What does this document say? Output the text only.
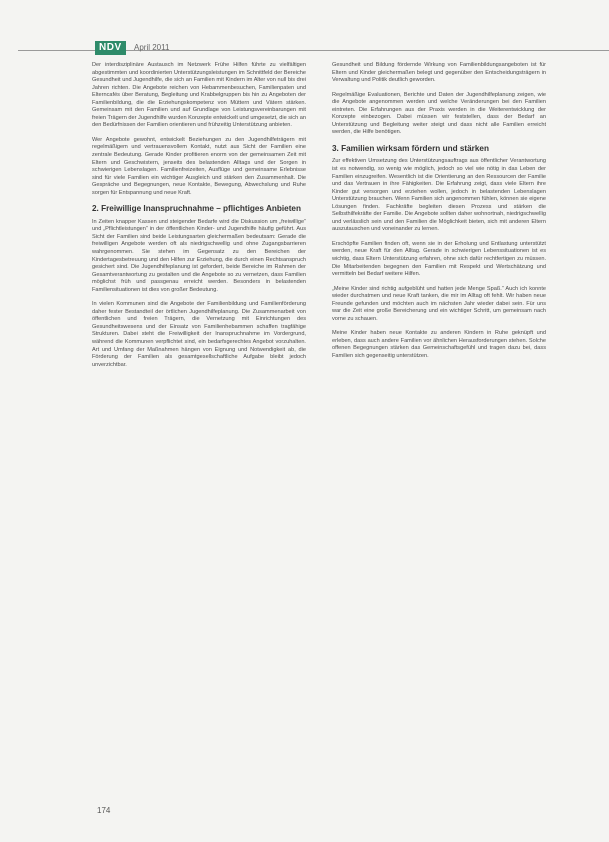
NDV	April 2011

Der interdisziplinäre Austausch im Netzwerk Frühe Hilfen führte zu vielfältigen abgestimmten und koordinierten Unterstützungsleistungen im Schnittfeld der Bereiche Gesundheit und Jugendhilfe, die sich an Familien mit Kindern im Alter von null bis drei Jahren richten. Die Angebote reichen von Hebammenbesuchen, Familienpaten und Elterncafés über Beratung, Begleitung und Krabbelgruppen bis hin zu Angeboten der Familienbildung, die die Erziehungskompetenz von Müttern und Vätern stärken. Gemeinsam mit den Familien und auf Grundlage von Leistungsvereinbarungen mit freien Trägern der Jugendhilfe wurden Konzepte entwickelt und umgesetzt, die sich an den Bedürfnissen der Familien orientieren und frühzeitig Unterstützung anbieten.

Wer Angebote gewohnt, entwickelt Beziehungen zu den Jugendhilfeträgern mit regelmäßigem und vertrauensvollem Kontakt, nutzt aus Sicht der Familien eine zentrale Bedeutung. Gerade Kinder profitieren enorm von der gemeinsamen Zeit mit Eltern und Geschwistern, jenseits des belastenden Alltags und der Sorgen in schwierigen Lebenslagen. Familienfreizeiten, Ausflüge und gemeinsame Erlebnisse sind für viele Familien ein wichtiger Ausgleich und stärken den Zusammenhalt. Die Gespräche und Begegnungen, neue Kontakte, Bewegung, Abwechslung und Ruhe sorgen für Entspannung und neue Kraft.

2. Freiwillige Inanspruchnahme – pflichtiges Anbieten

In Zeiten knapper Kassen und steigender Bedarfe wird die Diskussion um „freiwillige“ und „Pflichtleistungen“ in der öffentlichen Kinder- und Jugendhilfe häufig geführt. Aus Sicht der Familien sind beide Leistungsarten gleichermaßen bedeutsam: Gerade die freiwilligen Angebote werden oft als niedrigschwellig und ohne Zugangsbarrieren wahrgenommen. Sie stehen im Gegensatz zu den Bereichen der Kindertagesbetreuung und den Hilfen zur Erziehung, die durch einen Rechtsanspruch gesichert sind. Die Jugendhilfeplanung ist gefordert, beide Bereiche im Rahmen der Gesamtverantwortung zu gestalten und die Angebote so zu vernetzen, dass Familien möglichst früh und passgenau erreicht werden. Besonders in belastenden Familiensituationen ist dies von großer Bedeutung.

In vielen Kommunen sind die Angebote der Familienbildung und Familienförderung daher fester Bestandteil der örtlichen Jugendhilfeplanung. Die Zusammenarbeit von öffentlichen und freien Trägern, die Vernetzung mit Einrichtungen des Gesundheitswesens und der Einsatz von Familienhebammen schaffen tragfähige Strukturen. Dabei steht die Freiwilligkeit der Inanspruchnahme im Vordergrund, während die Kommunen verpflichtet sind, ein bedarfsgerechtes Angebot vorzuhalten. Art und Umfang der Maßnahmen hängen von Eignung und Notwendigkeit ab, die Förderung der Familien als gesamtgesellschaftliche Aufgabe bleibt jedoch unverzichtbar.

Gesundheit und Bildung fördernde Wirkung von Familienbildungsangeboten ist für Eltern und Kinder gleichermaßen belegt und gegenüber den Entscheidungsträgern in Verwaltung und Politik deutlich geworden.

Regelmäßige Evaluationen, Berichte und Daten der Jugendhilfeplanung zeigen, wie die Angebote angenommen werden und welche Veränderungen bei den Familien eintreten. Die Erfahrungen aus der Praxis werden in die Weiterentwicklung der Konzepte einbezogen. Dabei müssen wir feststellen, dass der Bedarf an Unterstützung und Begleitung weiter steigt und dass nicht alle Familien erreicht werden, die Hilfe benötigen.

3. Familien wirksam fördern und stärken

Zur effektiven Umsetzung des Unterstützungsauftrags aus öffentlicher Verantwortung ist es notwendig, so wenig wie möglich, jedoch so viel wie nötig in das Leben der Familien einzugreifen. Wesentlich ist die Orientierung an den Ressourcen der Familie und das Vertrauen in ihre Fähigkeiten. Die Erfahrung zeigt, dass viele Eltern ihre Kinder gut versorgen und erziehen wollen, jedoch in belastenden Lebenslagen Unterstützung brauchen. Wenn Familien sich angenommen fühlen, können sie eigene Lösungen finden. Fachkräfte begleiten diesen Prozess und stärken die Selbsthilfekräfte der Familie. Die Angebote sollten daher wohnortnah, niedrigschwellig und verlässlich sein und den Familien die Möglichkeit bieten, sich mit anderen Eltern auszutauschen und voneinander zu lernen.

Erschöpfte Familien finden oft, wenn sie in der Erholung und Entlastung unterstützt werden, neue Kraft für den Alltag. Gerade in schwierigen Lebenssituationen ist es wichtig, dass Eltern Unterstützung erfahren, ohne sich dafür rechtfertigen zu müssen. Die Mitarbeitenden begegnen den Familien mit Respekt und Wertschätzung und vermitteln bei Bedarf weitere Hilfen.

„Meine Kinder sind richtig aufgeblüht und hatten jede Menge Spaß.“ Auch ich konnte wieder durchatmen und neue Kraft tanken, die mir im Alltag oft fehlt. Wir haben neue Freunde gefunden und möchten auch im nächsten Jahr wieder dabei sein. Für uns war die Zeit eine große Bereicherung und ein wichtiger Schritt, um gemeinsam nach vorne zu schauen.

Meine Kinder haben neue Kontakte zu anderen Kindern in Ruhe geknüpft und erleben, dass auch andere Familien vor ähnlichen Herausforderungen stehen. Solche offenen Begegnungen stärken das Gemeinschaftsgefühl und tragen dazu bei, dass Familien sich gegenseitig unterstützen.

174
